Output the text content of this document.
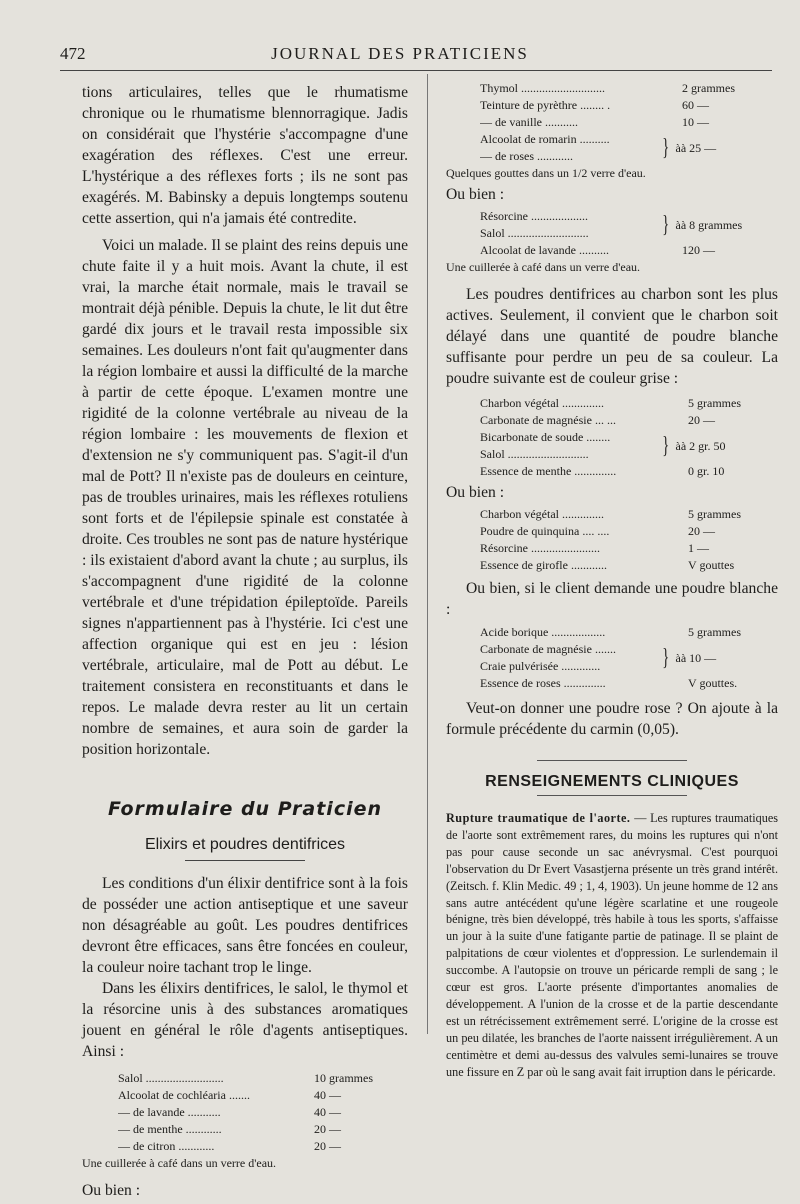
472	JOURNAL DES PRATICIENS

tions articulaires, telles que le rhumatisme chronique ou le rhumatisme blennorragique. Jadis on considérait que l'hystérie s'accompagne d'une exagération des réflexes. C'est une erreur. L'hystérique a des réflexes forts ; ils ne sont pas exagérés. M. Babinsky a depuis longtemps soutenu cette assertion, qui n'a jamais été contredite.

Voici un malade. Il se plaint des reins depuis une chute faite il y a huit mois. Avant la chute, il est vrai, la marche était normale, mais le travail se montrait déjà pénible. Depuis la chute, le lit dut être gardé dix jours et le travail resta impossible six semaines. Les douleurs n'ont fait qu'augmenter dans la région lombaire et aussi la difficulté de la marche à partir de cette époque. L'examen montre une rigidité de la colonne vertébrale au niveau de la région lombaire : les mouvements de flexion et d'extension ne s'y communiquent pas. S'agit-il d'un mal de Pott? Il n'existe pas de douleurs en ceinture, pas de troubles urinaires, mais les réflexes rotuliens sont forts et de l'épilepsie spinale est constatée à droite. Ces troubles ne sont pas de nature hystérique : ils existaient d'abord avant la chute ; au surplus, ils s'accompagnent d'une rigidité de la colonne vertébrale et d'une trépidation épileptoïde. Pareils signes n'appartiennent pas à l'hystérie. Ici c'est une affection organique qui est en jeu : lésion vertébrale, articulaire, mal de Pott au début. Le traitement consistera en reconstituants et dans le repos. Le malade devra rester au lit un certain nombre de semaines, et aura soin de garder la position horizontale.

Formulaire du Praticien

Elixirs et poudres dentifrices

Les conditions d'un élixir dentifrice sont à la fois de posséder une action antiseptique et une saveur non désagréable au goût. Les poudres dentifrices devront être efficaces, sans être foncées en couleur, la couleur noire tachant trop le linge.

Dans les élixirs dentifrices, le salol, le thymol et la résorcine unis à des substances aromatiques jouent en général le rôle d'agents antiseptiques. Ainsi :

Salol ..........................	10 grammes
Alcoolat de cochléaria .......	40 —
— de lavande ...........	40 —
— de menthe ............	20 —
— de citron ............	20 —

Une cuillerée à café dans un verre d'eau.

Ou bien :

Thymol ............................	2 grammes
Teinture de pyrèthre ........ .	60 —
— de vanille ...........	10 —
Alcoolat de romarin ..........
— de roses ............	} àà 25 —

Quelques gouttes dans un 1/2 verre d'eau.

Ou bien :

Résorcine ...................
Salol ...........................	} àà 8 grammes
Alcoolat de lavande ..........	120 —

Une cuillerée à café dans un verre d'eau.

Les poudres dentifrices au charbon sont les plus actives. Seulement, il convient que le charbon soit délayé dans une quantité de poudre blanche suffisante pour perdre un peu de sa couleur. La poudre suivante est de couleur grise :

Charbon végétal ..............	5 grammes
Carbonate de magnésie ... ...	20 —
Bicarbonate de soude ........
Salol ...........................	} àà 2 gr. 50
Essence de menthe ..............	0 gr. 10

Ou bien :

Charbon végétal ..............	5 grammes
Poudre de quinquina .... ....	20 —
Résorcine .......................	1 —
Essence de girofle ............	V gouttes

Ou bien, si le client demande une poudre blanche :

Acide borique ..................	5 grammes
Carbonate de magnésie .......
Craie pulvérisée .............	} àà 10 —
Essence de roses ..............	V gouttes.

Veut-on donner une poudre rose ? On ajoute à la formule précédente du carmin (0,05).

RENSEIGNEMENTS CLINIQUES

Rupture traumatique de l'aorte. — Les ruptures traumatiques de l'aorte sont extrêmement rares, du moins les ruptures qui n'ont pas pour cause seconde un sac anévrysmal. C'est pourquoi l'observation du Dr Evert Vasastjerna présente un très grand intérêt. (Zeitsch. f. Klin Medic. 49 ; 1, 4, 1903). Un jeune homme de 12 ans sans autre antécédent qu'une légère scarlatine et une rougeole bénigne, très bien développé, très habile à tous les sports, s'affaisse un jour à la suite d'une fatigante partie de patinage. Il se plaint de palpitations de cœur violentes et d'oppression. Le surlendemain il succombe. A l'autopsie on trouve un péricarde rempli de sang ; le cœur est gros. L'aorte présente d'importantes anomalies de développement. A l'union de la crosse et de la partie descendante est un rétrécissement extrêmement serré. L'origine de la crosse est un peu dilatée, les branches de l'aorte naissent irrégulièrement. A un centimètre et demi au-dessus des valvules semi-lunaires se trouve une fissure en Z par où le sang avait fait irruption dans le péricarde.
